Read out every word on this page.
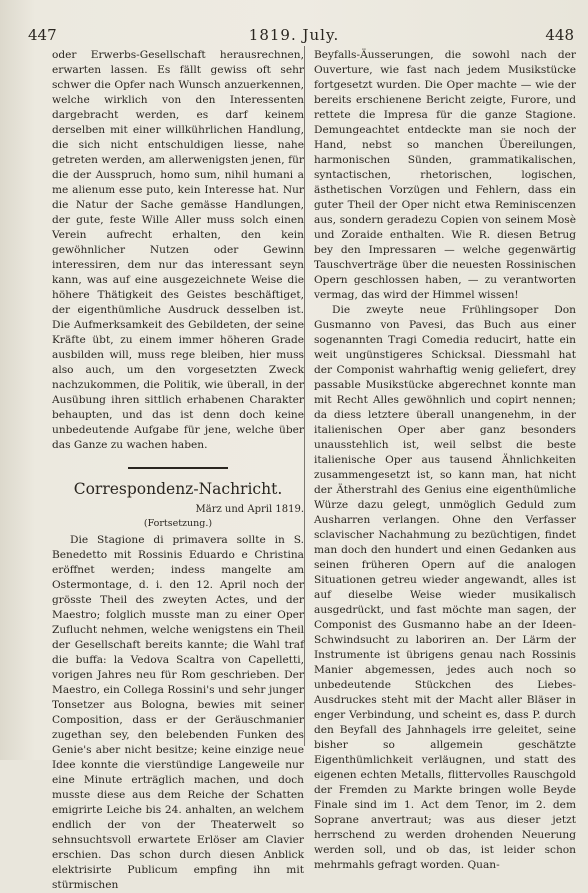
447	1819. July.	448

oder Erwerbs-Gesellschaft herausrechnen, erwarten lassen. Es fällt gewiss oft sehr schwer die Opfer nach Wunsch anzuerkennen, welche wirklich von den Interessenten dargebracht werden, es darf keinem derselben mit einer willkührlichen Handlung, die sich nicht entschuldigen liesse, nahe getreten werden, am allerwenigsten jenen, für die der Ausspruch, homo sum, nihil humani a me alienum esse puto, kein Interesse hat. Nur die Natur der Sache gemässe Handlungen, der gute, feste Wille Aller muss solch einen Verein aufrecht erhalten, den kein gewöhnlicher Nutzen oder Gewinn interessiren, dem nur das interessant seyn kann, was auf eine ausgezeichnete Weise die höhere Thätigkeit des Geistes beschäftiget, der eigenthümliche Ausdruck desselben ist. Die Aufmerksamkeit des Gebildeten, der seine Kräfte übt, zu einem immer höheren Grade ausbilden will, muss rege bleiben, hier muss also auch, um den vorgesetzten Zweck nachzukommen, die Politik, wie überall, in der Ausübung ihren sittlich erhabenen Charakter behaupten, und das ist denn doch keine unbedeutende Aufgabe für jene, welche über das Ganze zu wachen haben.

Correspondenz-Nachricht.
März und April 1819.
(Fortsetzung.)

Die Stagione di primavera sollte in S. Benedetto mit Rossinis Eduardo e Christina eröffnet werden; indess mangelte am Ostermontage, d. i. den 12. April noch der grösste Theil des zweyten Actes, und der Maestro; folglich musste man zu einer Oper Zuflucht nehmen, welche wenigstens ein Theil der Gesellschaft bereits kannte; die Wahl traf die buffa: la Vedova Scaltra von Capelletti, vorigen Jahres neu für Rom geschrieben. Der Maestro, ein Collega Rossini's und sehr junger Tonsetzer aus Bologna, bewies mit seiner Composition, dass er der Geräuschmanier zugethan sey, den belebenden Funken des Genie's aber nicht besitze; keine einzige neue Idee konnte die vierstündige Langeweile nur eine Minute erträglich machen, und doch musste diese aus dem Reiche der Schatten emigrirte Leiche bis 24. anhalten, an welchem endlich der von der Theaterwelt so sehnsuchtsvoll erwartete Erlöser am Clavier erschien. Das schon durch diesen Anblick elektrisirte Publicum empfing ihn mit stürmischen

Beyfalls-Äusserungen, die sowohl nach der Ouverture, wie fast nach jedem Musikstücke fortgesetzt wurden. Die Oper machte — wie der bereits erschienene Bericht zeigte, Furore, und rettete die Impresa für die ganze Stagione. Demungeachtet entdeckte man sie noch der Hand, nebst so manchen Übereilungen, harmonischen Sünden, grammatikalischen, syntactischen, rhetorischen, logischen, ästhetischen Vorzügen und Fehlern, dass ein guter Theil der Oper nicht etwa Reminiscenzen aus, sondern geradezu Copien von seinem Mosè und Zoraide enthalten. Wie R. diesen Betrug bey den Impressaren — welche gegenwärtig Tauschverträge über die neuesten Rossinischen Opern geschlossen haben, — zu verantworten vermag, das wird der Himmel wissen!

Die zweyte neue Frühlingsoper Don Gusmanno von Pavesi, das Buch aus einer sogenannten Tragi Comedia reducirt, hatte ein weit ungünstigeres Schicksal. Diessmahl hat der Componist wahrhaftig wenig geliefert, drey passable Musikstücke abgerechnet konnte man mit Recht Alles gewöhnlich und copirt nennen; da diess letztere überall unangenehm, in der italienischen Oper aber ganz besonders unausstehlich ist, weil selbst die beste italienische Oper aus tausend Ähnlichkeiten zusammengesetzt ist, so kann man, hat nicht der Ätherstrahl des Genius eine eigenthümliche Würze dazu gelegt, unmöglich Geduld zum Ausharren verlangen. Ohne den Verfasser sclavischer Nachahmung zu bezüchtigen, findet man doch den hundert und einen Gedanken aus seinen früheren Opern auf die analogen Situationen getreu wieder angewandt, alles ist auf dieselbe Weise wieder musikalisch ausgedrückt, und fast möchte man sagen, der Componist des Gusmanno habe an der Ideen-Schwindsucht zu laboriren an. Der Lärm der Instrumente ist übrigens genau nach Rossinis Manier abgemessen, jedes auch noch so unbedeutende Stückchen des Liebes-Ausdruckes steht mit der Macht aller Bläser in enger Verbindung, und scheint es, dass P. durch den Beyfall des Jahnhagels irre geleitet, seine bisher so allgemein geschätzte Eigenthümlichkeit verläugnen, und statt des eigenen echten Metalls, flittervolles Rauschgold der Fremden zu Markte bringen wolle Beyde Finale sind im 1. Act dem Tenor, im 2. dem Soprane anvertraut; was aus dieser jetzt herrschend zu werden drohenden Neuerung werden soll, und ob das, ist leider schon mehrmahls gefragt worden. Quan-
